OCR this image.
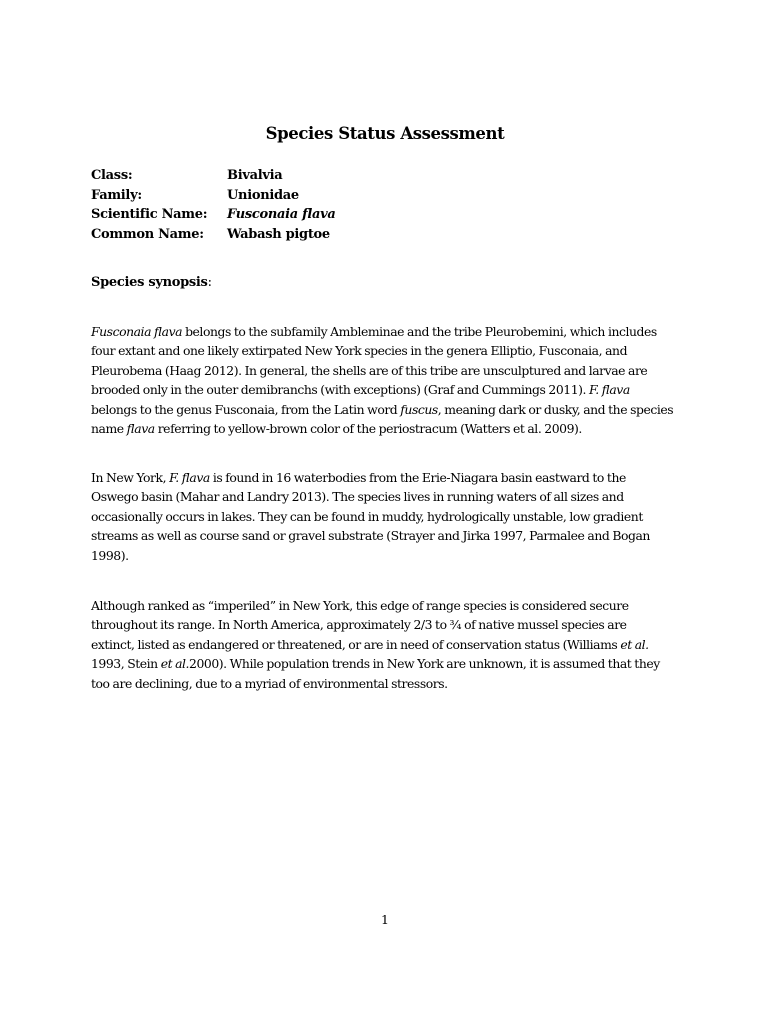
Species Status Assessment
Class:	Bivalvia
Family:	Unionidae
Scientific Name: Fusconaia flava
Common Name: Wabash pigtoe
Species synopsis:
Fusconaia flava belongs to the subfamily Ambleminae and the tribe Pleurobemini, which includes
four extant and one likely extirpated New York species in the genera Elliptio, Fusconaia, and
Pleurobema (Haag 2012). In general, the shells are of this tribe are unsculptured and larvae are
brooded only in the outer demibranchs (with exceptions) (Graf and Cummings 2011). F. flava
belongs to the genus Fusconaia, from the Latin word fuscus, meaning dark or dusky, and the species
name flava referring to yellow-brown color of the periostracum (Watters et al. 2009).
In New York, F. flava is found in 16 waterbodies from the Erie-Niagara basin eastward to the
Oswego basin (Mahar and Landry 2013). The species lives in running waters of all sizes and
occasionally occurs in lakes. They can be found in muddy, hydrologically unstable, low gradient
streams as well as course sand or gravel substrate (Strayer and Jirka 1997, Parmalee and Bogan
1998).
Although ranked as “imperiled” in New York, this edge of range species is considered secure
throughout its range. In North America, approximately 2/3 to ¾ of native mussel species are
extinct, listed as endangered or threatened, or are in need of conservation status (Williams et al.
1993, Stein et al.2000). While population trends in New York are unknown, it is assumed that they
too are declining, due to a myriad of environmental stressors.
1
